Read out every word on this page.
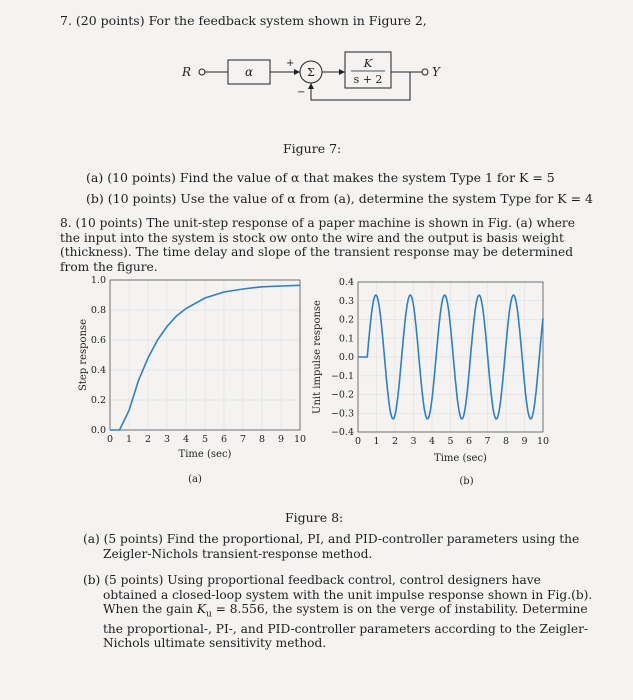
7. (20 points) For the feedback system shown in Figure 2,
R	α
+
Σ
−
K
s + 2
Y
Figure 7:
(a) (10 points) Find the value of α that makes the system Type 1 for K = 5
(b) (10 points) Use the value of α from (a), determine the system Type for K = 4
8. (10 points) The unit-step response of a paper machine is shown in Fig. (a) where the input into the system is stock ow onto the wire and the output is basis weight (thickness). The time delay and slope of the transient response may be determined from the figure.
0 1 2 3 4 5 6 7 8 9 10
0.0
0.2
0.4
0.6
0.8
1.0
Time (sec)
Step response
(a)
0 1 2 3 4 5 6 7 8 9 10
−0.4
−0.3
−0.2
−0.1
0.0
0.1
0.2
0.3
0.4
Time (sec)
Unit impulse response
(b)
Figure 8:
(a) (5 points) Find the proportional, PI, and PID-controller parameters using the Zeigler-Nichols transient-response method.
(b) (5 points) Using proportional feedback control, control designers have obtained a closed-loop system with the unit impulse response shown in Fig.(b). When the gain $K_u = 8.556$, the system is on the verge of instability. Determine the proportional-, PI-, and PID-controller parameters according to the Zeigler-Nichols ultimate sensitivity method.
